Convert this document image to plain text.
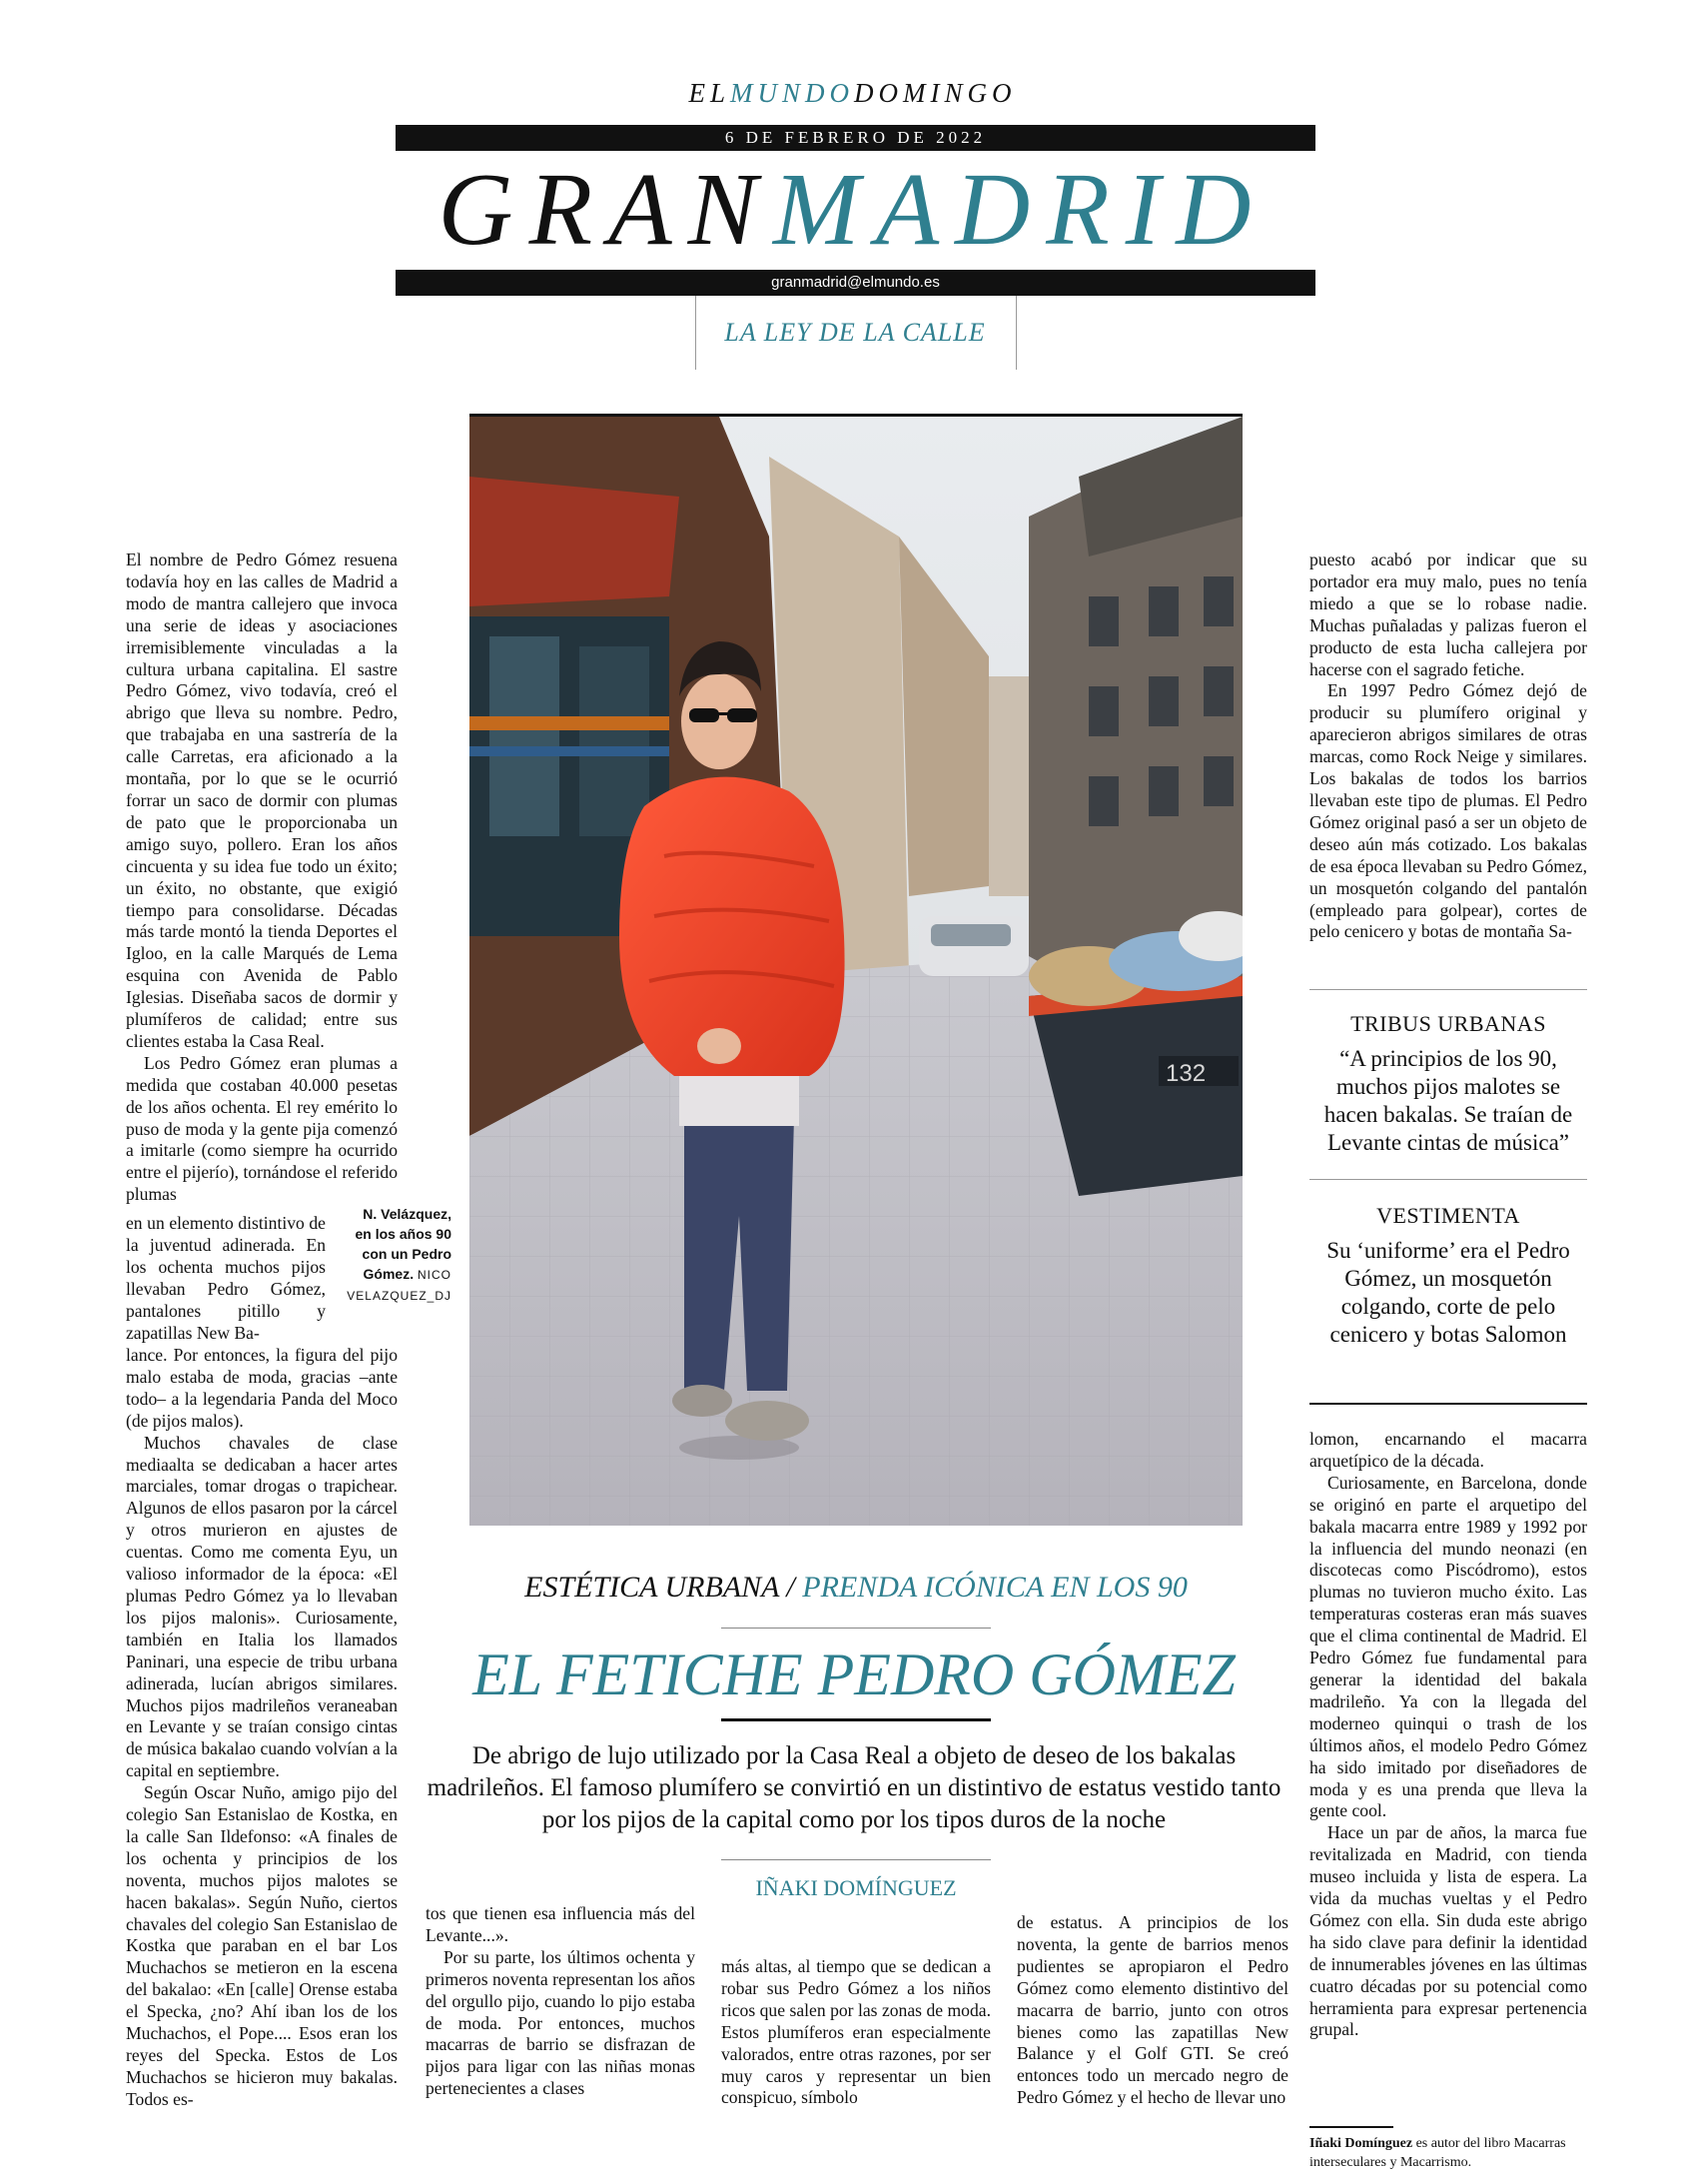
ELMUNDODOMINGO
6 DE FEBRERO DE 2022
GRANMADRID
granmadrid@elmundo.es
LA LEY DE LA CALLE
132
N. Velázquez, en los años 90 con un Pedro Gómez. NICO VELAZQUEZ_DJ

El nombre de Pedro Gómez resuena todavía hoy en las calles de Madrid a modo de mantra callejero que invoca una serie de ideas y asociaciones irremisiblemente vinculadas a la cultura urbana capitalina. El sastre Pedro Gómez, vivo todavía, creó el abrigo que lleva su nombre. Pedro, que trabajaba en una sastrería de la calle Carretas, era aficionado a la montaña, por lo que se le ocurrió forrar un saco de dormir con plumas de pato que le proporcionaba un amigo suyo, pollero. Eran los años cincuenta y su idea fue todo un éxito; un éxito, no obstante, que exigió tiempo para consolidarse. Décadas más tarde montó la tienda Deportes el Igloo, en la calle Marqués de Lema esquina con Avenida de Pablo Iglesias. Diseñaba sacos de dormir y plumíferos de calidad; entre sus clientes estaba la Casa Real.

Los Pedro Gómez eran plumas a medida que costaban 40.000 pesetas de los años ochenta. El rey emérito lo puso de moda y la gente pija comenzó a imitarle (como siempre ha ocurrido entre el pijerío), tornándose el referido plumas

en un elemento distintivo de la juventud adinerada. En los ochenta muchos pijos llevaban Pedro Gómez, pantalones pitillo y zapatillas New Ba-

lance. Por entonces, la figura del pijo malo estaba de moda, gracias –ante todo– a la legendaria Panda del Moco (de pijos malos).

Muchos chavales de clase mediaalta se dedicaban a hacer artes marciales, tomar drogas o trapichear. Algunos de ellos pasaron por la cárcel y otros murieron en ajustes de cuentas. Como me comenta Eyu, un valioso informador de la época: «El plumas Pedro Gómez ya lo llevaban los pijos malonis». Curiosamente, también en Italia los llamados Paninari, una especie de tribu urbana adinerada, lucían abrigos similares. Muchos pijos madrileños veraneaban en Levante y se traían consigo cintas de música bakalao cuando volvían a la capital en septiembre.

Según Oscar Nuño, amigo pijo del colegio San Estanislao de Kostka, en la calle San Ildefonso: «A finales de los ochenta y principios de los noventa, muchos pijos malotes se hacen bakalas». Según Nuño, ciertos chavales del colegio San Estanislao de Kostka que paraban en el bar Los Muchachos se metieron en la escena del bakalao: «En [calle] Orense estaba el Specka, ¿no? Ahí iban los de los Muchachos, el Pope.... Esos eran los reyes del Specka. Estos de Los Muchachos se hicieron muy bakalas. Todos es-

puesto acabó por indicar que su portador era muy malo, pues no tenía miedo a que se lo robase nadie. Muchas puñaladas y palizas fueron el producto de esta lucha callejera por hacerse con el sagrado fetiche.

En 1997 Pedro Gómez dejó de producir su plumífero original y aparecieron abrigos similares de otras marcas, como Rock Neige y similares. Los bakalas de todos los barrios llevaban este tipo de plumas. El Pedro Gómez original pasó a ser un objeto de deseo aún más cotizado. Los bakalas de esa época llevaban su Pedro Gómez, un mosquetón colgando del pantalón (empleado para golpear), cortes de pelo cenicero y botas de montaña Sa-

TRIBUS URBANAS
“A principios de los 90, muchos pijos malotes se hacen bakalas. Se traían de Levante cintas de música”
VESTIMENTA
Su ‘uniforme’ era el Pedro Gómez, un mosquetón colgando, corte de pelo cenicero y botas Salomon

lomon, encarnando el macarra arquetípico de la década.

Curiosamente, en Barcelona, donde se originó en parte el arquetipo del bakala macarra entre 1989 y 1992 por la influencia del mundo neonazi (en discotecas como Piscódromo), estos plumas no tuvieron mucho éxito. Las temperaturas costeras eran más suaves que el clima continental de Madrid. El Pedro Gómez fue fundamental para generar la identidad del bakala madrileño. Ya con la llegada del moderneo quinqui o trash de los últimos años, el modelo Pedro Gómez ha sido imitado por diseñadores de moda y es una prenda que lleva la gente cool.

Hace un par de años, la marca fue revitalizada en Madrid, con tienda museo incluida y lista de espera. La vida da muchas vueltas y el Pedro Gómez con ella. Sin duda este abrigo ha sido clave para definir la identidad de innumerables jóvenes en las últimas cuatro décadas por su potencial como herramienta para expresar pertenencia grupal.

ESTÉTICA URBANA / PRENDA ICÓNICA EN LOS 90
EL FETICHE PEDRO GÓMEZ
De abrigo de lujo utilizado por la Casa Real a objeto de deseo de los bakalas madrileños. El famoso plumífero se convirtió en un distintivo de estatus vestido tanto por los pijos de la capital como por los tipos duros de la noche
IÑAKI DOMÍNGUEZ

tos que tienen esa influencia más del Levante...».

Por su parte, los últimos ochenta y primeros noventa representan los años del orgullo pijo, cuando lo pijo estaba de moda. Por entonces, muchos macarras de barrio se disfrazan de pijos para ligar con las niñas monas pertenecientes a clases

más altas, al tiempo que se dedican a robar sus Pedro Gómez a los niños ricos que salen por las zonas de moda. Estos plumíferos eran especialmente valorados, entre otras razones, por ser muy caros y representar un bien conspicuo, símbolo

de estatus. A principios de los noventa, la gente de barrios menos pudientes se apropiaron el Pedro Gómez como elemento distintivo del macarra de barrio, junto con otros bienes como las zapatillas New Balance y el Golf GTI. Se creó entonces todo un mercado negro de Pedro Gómez y el hecho de llevar uno

Iñaki Domínguez es autor del libro Macarras interseculares y Macarrismo.
